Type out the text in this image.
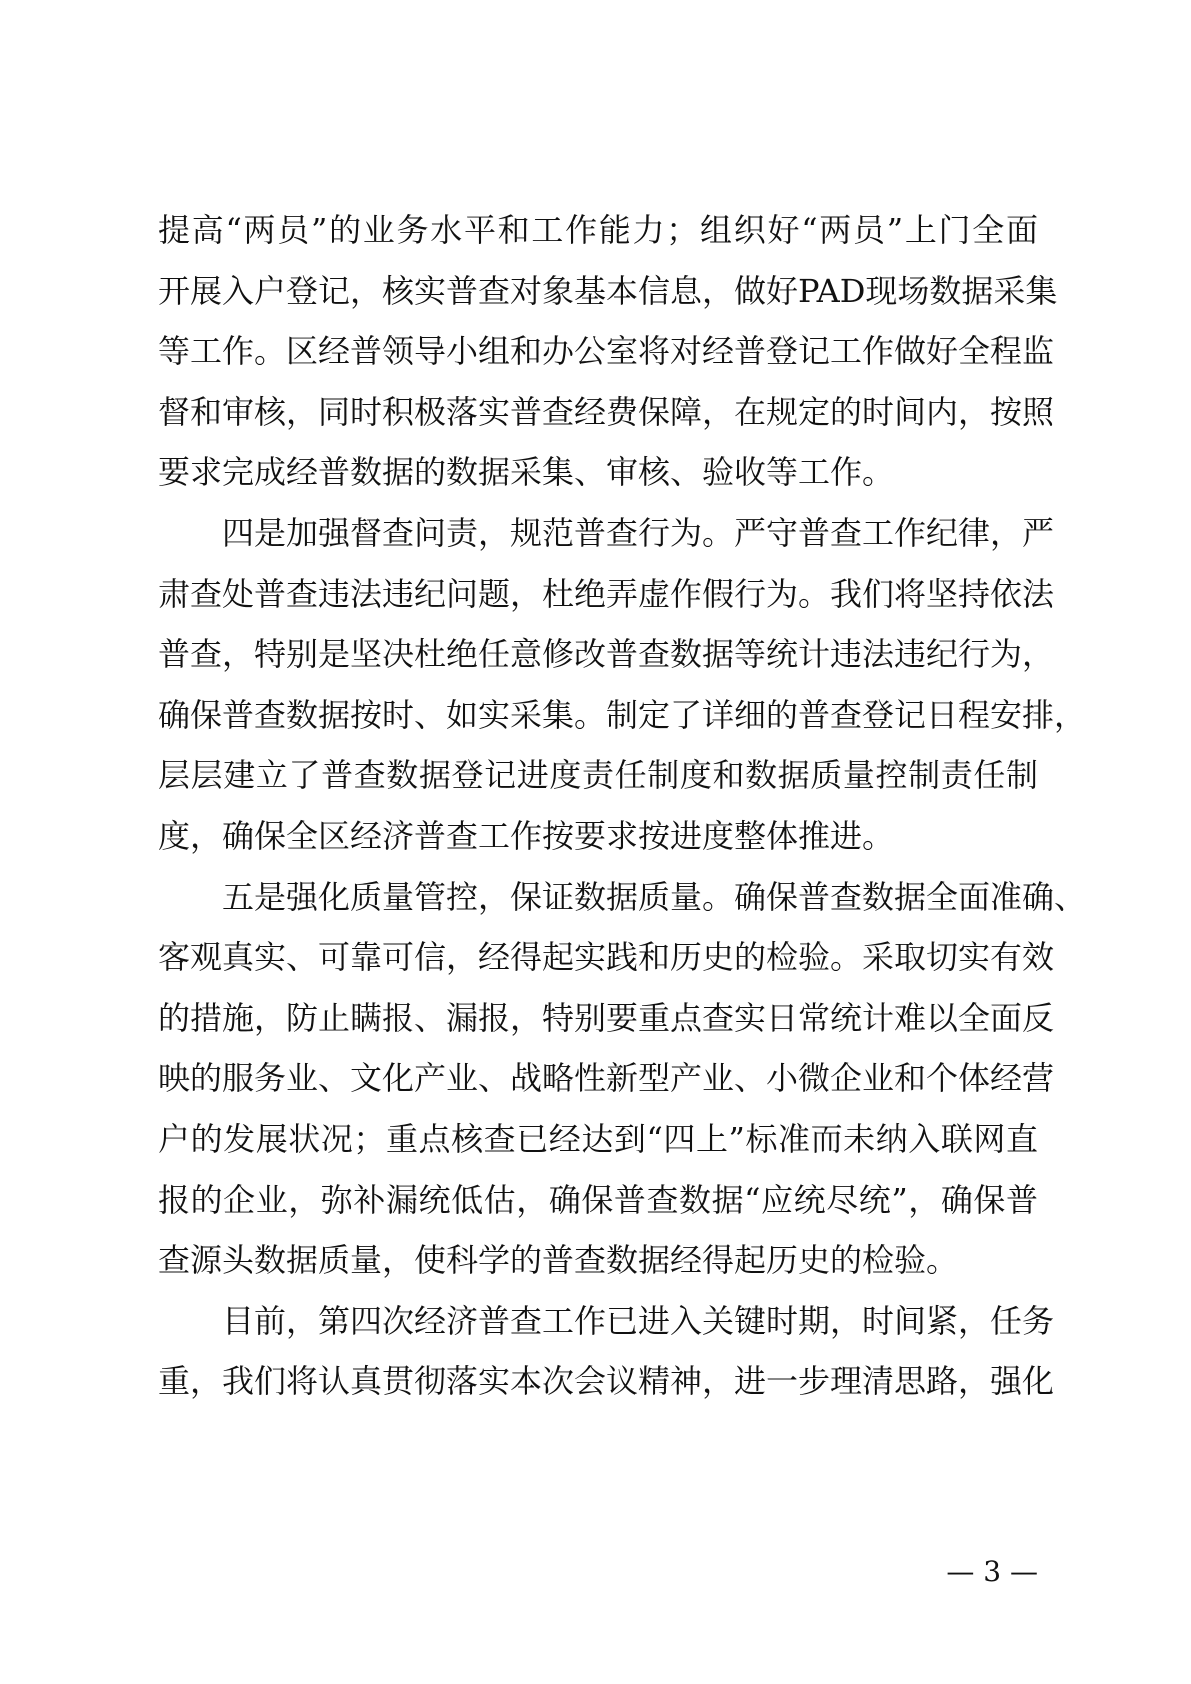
提高“两员”的业务水平和工作能力；组织好“两员”上门全面
开展入户登记，核实普查对象基本信息，做好PAD现场数据采集
等工作。区经普领导小组和办公室将对经普登记工作做好全程监
督和审核，同时积极落实普查经费保障，在规定的时间内，按照
要求完成经普数据的数据采集、审核、验收等工作。
四是加强督查问责，规范普查行为。严守普查工作纪律，严
肃查处普查违法违纪问题，杜绝弄虚作假行为。我们将坚持依法
普查，特别是坚决杜绝任意修改普查数据等统计违法违纪行为，
确保普查数据按时、如实采集。制定了详细的普查登记日程安排，
层层建立了普查数据登记进度责任制度和数据质量控制责任制
度，确保全区经济普查工作按要求按进度整体推进。
五是强化质量管控，保证数据质量。确保普查数据全面准确、
客观真实、可靠可信，经得起实践和历史的检验。采取切实有效
的措施，防止瞒报、漏报，特别要重点查实日常统计难以全面反
映的服务业、文化产业、战略性新型产业、小微企业和个体经营
户的发展状况；重点核查已经达到“四上”标准而未纳入联网直
报的企业，弥补漏统低估，确保普查数据“应统尽统”，确保普
查源头数据质量，使科学的普查数据经得起历史的检验。
目前，第四次经济普查工作已进入关键时期，时间紧，任务
重，我们将认真贯彻落实本次会议精神，进一步理清思路，强化
— 3 —
